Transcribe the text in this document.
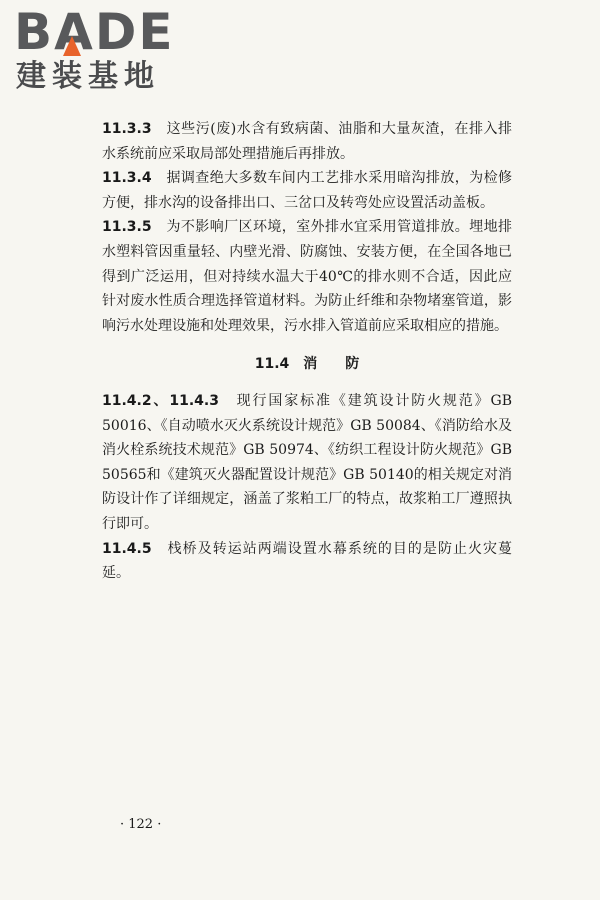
BA
DE
建装基地

11.3.3　 这些污(废)水含有致病菌、油脂和大量灰渣，在排入排水系统前应采取局部处理措施后再排放。

11.3.4　 据调查绝大多数车间内工艺排水采用暗沟排放，为检修方便，排水沟的设备排出口、三岔口及转弯处应设置活动盖板。

11.3.5　 为不影响厂区环境，室外排水宜采用管道排放。埋地排水塑料管因重量轻、内壁光滑、防腐蚀、安装方便，在全国各地已得到广泛运用，但对持续水温大于40℃的排水则不合适，因此应针对废水性质合理选择管道材料。为防止纤维和杂物堵塞管道，影响污水处理设施和处理效果，污水排入管道前应采取相应的措施。

11.4　消　　防

11.4.2、11.4.3　 现行国家标准《建筑设计防火规范》GB 50016、《自动喷水灭火系统设计规范》GB 50084、《消防给水及消火栓系统技术规范》GB 50974、《纺织工程设计防火规范》GB 50565和《建筑灭火器配置设计规范》GB 50140的相关规定对消防设计作了详细规定，涵盖了浆粕工厂的特点，故浆粕工厂遵照执行即可。

11.4.5　 栈桥及转运站两端设置水幕系统的目的是防止火灾蔓延。

· 122 ·
